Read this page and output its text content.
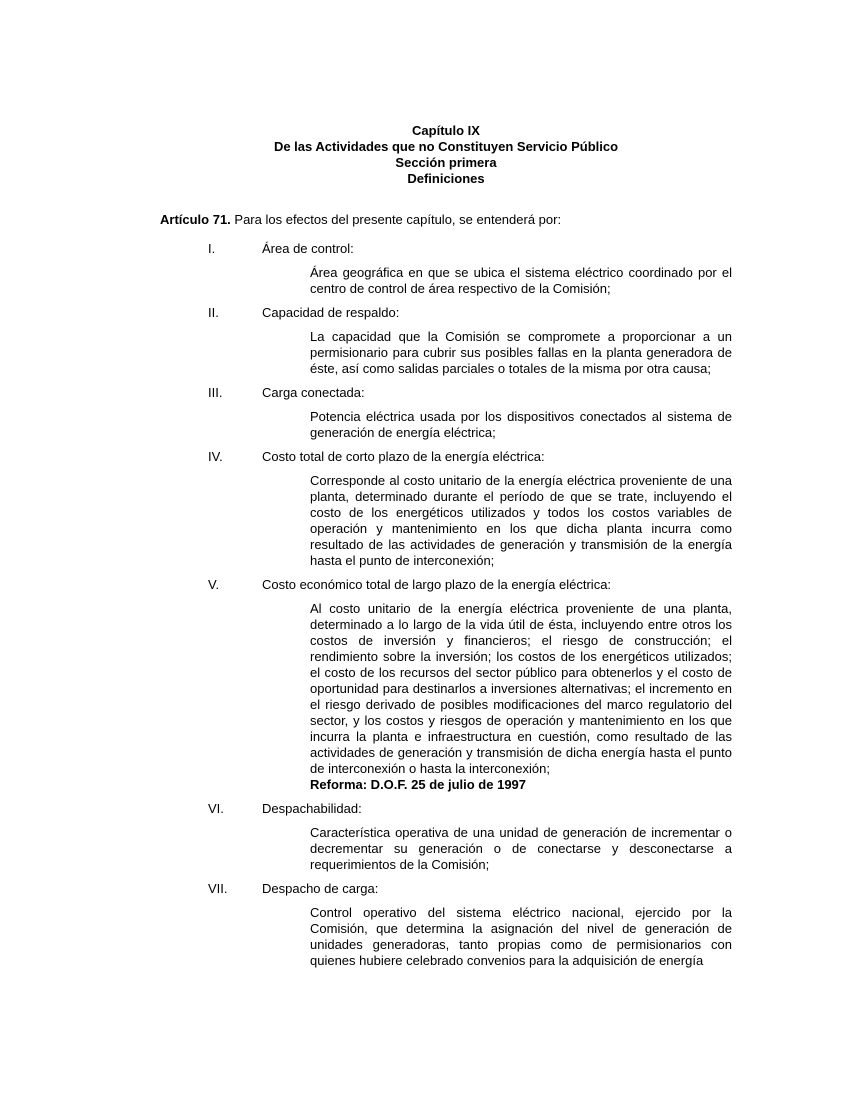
Capítulo IX
De las Actividades que no Constituyen Servicio Público
Sección primera
Definiciones

Artículo 71. Para los efectos del presente capítulo, se entenderá por:

I.	Área de control:
Área geográfica en que se ubica el sistema eléctrico coordinado por el centro de control de área respectivo de la Comisión;
II.	Capacidad de respaldo:
La capacidad que la Comisión se compromete a proporcionar a un permisionario para cubrir sus posibles fallas en la planta generadora de éste, así como salidas parciales o totales de la misma por otra causa;
III.	Carga conectada:
Potencia eléctrica usada por los dispositivos conectados al sistema de generación de energía eléctrica;
IV.	Costo total de corto plazo de la energía eléctrica:
Corresponde al costo unitario de la energía eléctrica proveniente de una planta, determinado durante el período de que se trate, incluyendo el costo de los energéticos utilizados y todos los costos variables de operación y mantenimiento en los que dicha planta incurra como resultado de las actividades de generación y transmisión de la energía hasta el punto de interconexión;
V.	Costo económico total de largo plazo de la energía eléctrica:
Al costo unitario de la energía eléctrica proveniente de una planta, determinado a lo largo de la vida útil de ésta, incluyendo entre otros los costos de inversión y financieros; el riesgo de construcción; el rendimiento sobre la inversión; los costos de los energéticos utilizados; el costo de los recursos del sector público para obtenerlos y el costo de oportunidad para destinarlos a inversiones alternativas; el incremento en el riesgo derivado de posibles modificaciones del marco regulatorio del sector, y los costos y riesgos de operación y mantenimiento en los que incurra la planta e infraestructura en cuestión, como resultado de las actividades de generación y transmisión de dicha energía hasta el punto de interconexión o hasta la interconexión;
Reforma: D.O.F. 25 de julio de 1997
VI.	Despachabilidad:
Característica operativa de una unidad de generación de incrementar o decrementar su generación o de conectarse y desconectarse a requerimientos de la Comisión;
VII.	Despacho de carga:
Control operativo del sistema eléctrico nacional, ejercido por la Comisión, que determina la asignación del nivel de generación de unidades generadoras, tanto propias como de permisionarios con quienes hubiere celebrado convenios para la adquisición de energía
